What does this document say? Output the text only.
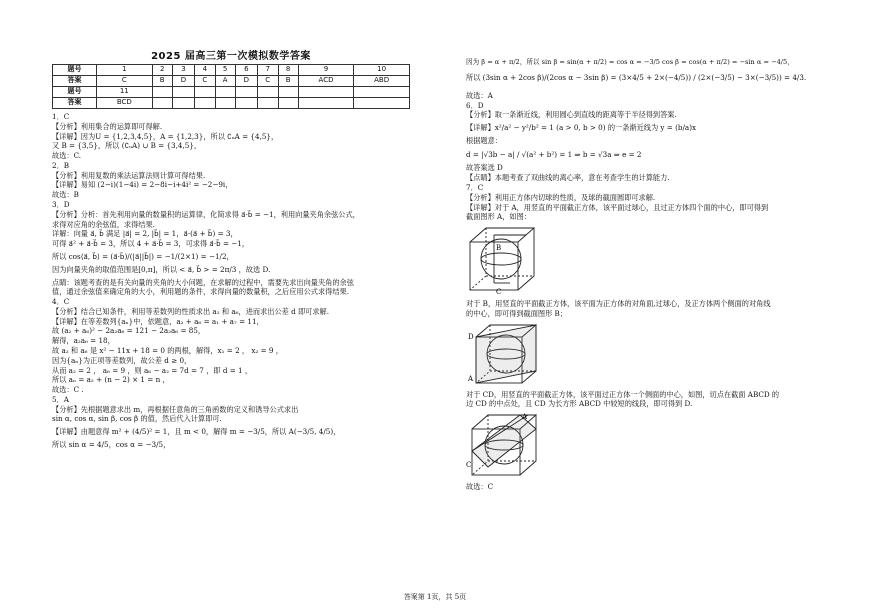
2025 届高三第一次模拟数学答案
题号	1	2	3	4	5	6	7	8	9	10
答案	C	B	D	C	A	D	C	B	ACD	ABD
题号	11									
答案	BCD									
1．C
【分析】利用集合的运算即可得解.
【详解】因为U = {1,2,3,4,5}，A = {1,2,3}，所以 ∁ᵤA = {4,5}，
又 B = {3,5}，所以 (∁ᵤA) ∪ B = {3,4,5}，
故选：C.
2．B
【分析】利用复数的乘法运算法则计算可得结果.
【详解】易知 (2−i)(1−4i) = 2−8i−i+4i² = −2−9i，
故选：B
3．D
【分析】分析：首先利用向量的数量积的运算律，化简求得 a⃗·b⃗ = −1，利用向量夹角余弦公式，
求得对应角的余弦值，求得结果.
详解：向量 a⃗, b⃗ 满足 |a⃗| = 2, |b⃗| = 1，a⃗·(a⃗ + b⃗) = 3，
可得 a⃗² + a⃗·b⃗ = 3，所以 4 + a⃗·b⃗ = 3，可求得 a⃗·b⃗ = −1，
所以 cos⟨a⃗, b⃗⟩ = (a⃗·b⃗)/(|a⃗||b⃗|) = −1/(2×1) = −1/2，
因为向量夹角的取值范围是[0,π]，所以 < a⃗, b⃗ > = 2π/3 ，故选 D.
点睛：该题考查的是有关向量的夹角的大小问题，在求解的过程中，需要先求出向量夹角的余弦
值，通过余弦值来确定角的大小，利用题的条件，求得向量的数量积，之后应用公式求得结果.
4．C
【分析】结合已知条件，利用等差数列的性质求出 a₂ 和 a₆，进而求出公差 d 即可求解.
【详解】在等差数列{aₙ}中，依题意，a₂ + a₆ = a₁ + a₇ = 11，
故 (a₂ + a₆)² − 2a₂a₆ = 121 − 2a₂a₆ = 85，
解得，a₂a₆ = 18，
故 a₂ 和 a₆ 是 x² − 11x + 18 = 0 的两根，解得，x₁ = 2 ， x₂ = 9 ，
因为{aₙ}为正项等差数列，故公差 d ≥ 0，
从而 a₂ = 2 ， a₆ = 9 ，则 a₆ − a₂ = 7d = 7 ，即 d = 1 ，
所以 aₙ = a₂ + (n − 2) × 1 = n ，
故选：C .
5．A
【分析】先根据题意求出 m，再根据任意角的三角函数的定义和诱导公式求出
sin α, cos α, sin β, cos β 的值，然后代入计算即可.
【详解】由题意得 m² + (4/5)² = 1，且 m < 0，解得 m = −3/5，所以 A(−3/5, 4/5)，
所以 sin α = 4/5，cos α = −3/5，
因为 β = α + π/2，所以 sin β = sin(α + π/2) = cos α = −3/5 cos β = cos(α + π/2) = −sin α = −4/5，
所以 (3sin α + 2cos β)/(2cos α − 3sin β) = (3×4/5 + 2×(−4/5)) / (2×(−3/5) − 3×(−3/5)) = 4/3.
故选：A
6．D
【分析】取一条渐近线，利用圆心到直线的距离等于半径得到答案.
【详解】x²/a² − y²/b² = 1 (a > 0, b > 0) 的一条渐近线为 y = (b/a)x
根据题意：
d = |√3b − a| / √(a² + b²) = 1 ⇒ b = √3a ⇒ e = 2
故答案选 D
【点睛】本题考查了双曲线的离心率，意在考查学生的计算能力.
7．C
【分析】利用正方体内切球的性质，及球的截面圆即可求解.
【详解】对于 A，用竖直的平面截正方体，该平面过球心，且过正方体四个面的中心，即可得到
截面图形 A，如图：
B
C
对于 B，用竖直的平面截正方体，该平面为正方体的对角面,过球心，及正方体两个侧面的对角线
的中心，即可得到截面图形 B；
D
A
对于 CD，用竖直的平面截正方体，该平面过正方体一个侧面的中心，如图，切点在截面 ABCD 的
边 CD 的中点处，且 CD 为长方形 ABCD 中较短的线段，即可得到 D.
A
C
故选：C
答案第 1页，共 5页
